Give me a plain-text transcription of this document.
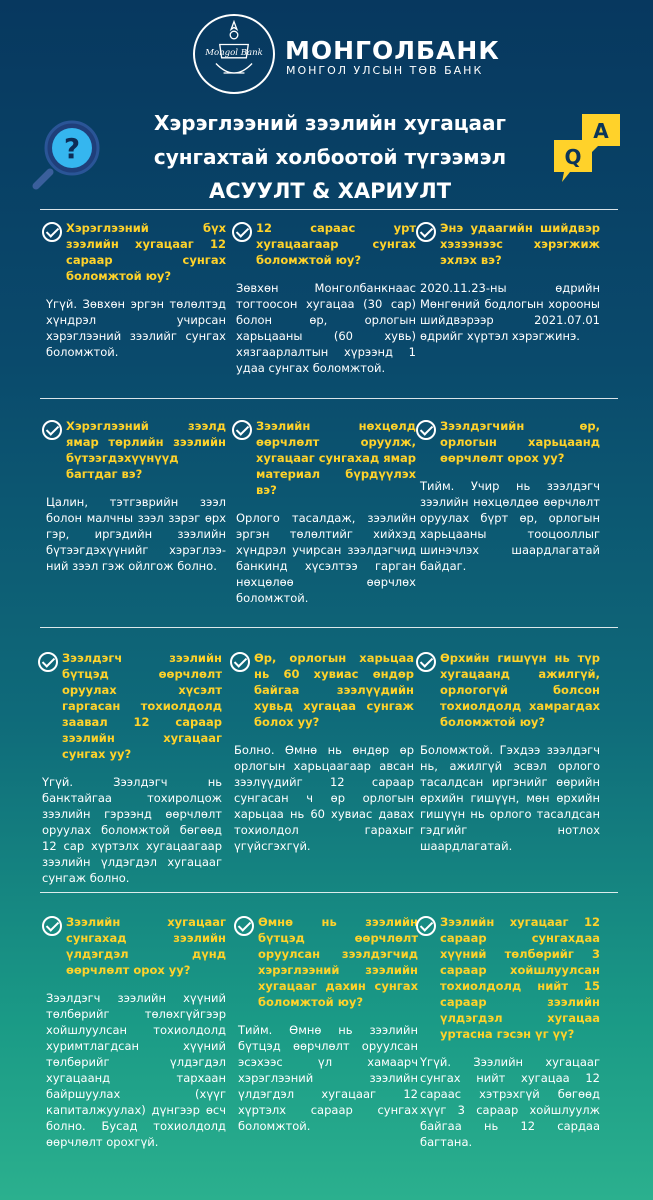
Mongol Bank МОНГОЛБАНК
МОНГОЛ УЛСЫН ТӨВ БАНК
?
Хэрэглээний зээлийн хугацааг
сунгахтай холбоотой түгээмэл
АСУУЛТ & ХАРИУЛТ
A
Q
Хэрэглээний бүх зээлийн хугацааг 12 сараар сунгах боломжтой юу?
Үгүй. Зөвхөн эргэн төлөлтэд хүндрэл учирсан хэрэглээний зээлийг сунгах боломжтой.
12 сараас урт хугацаагаар сунгах боломжтой юу?
Зөвхөн Монголбанкнаас тогтоосон хугацаа (30 сар) болон өр, орлогын харьцааны (60 хувь) хязгаарлалтын хүрээнд 1 удаа сунгах боломжтой.
Энэ удаагийн шийдвэр хэзээнээс хэрэгжиж эхлэх вэ?
2020.11.23-ны өдрийн Мөнгөний бодлогын хорооны шийдвэрээр 2021.07.01 өдрийг хүртэл хэрэгжинэ.
Хэрэглээний зээлд ямар төрлийн зээлийн бүтээгдэхүүнүүд багтдаг вэ?
Цалин, тэтгэврийн зээл болон малчны зээл зэрэг өрх гэр, иргэдийн зээлийн бүтээгдэхүүнийг хэрэглээний зээл гэж ойлгож болно.
Зээлийн нөхцөлд өөрчлөлт оруулж, хугацааг сунгахад ямар материал бүрдүүлэх вэ?
Орлого тасалдаж, зээлийн эргэн төлөлтийг хийхэд хүндрэл учирсан зээлдэгчид банкинд хүсэлтээ гарган нөхцөлөө өөрчлөх боломжтой.
Зээлдэгчийн өр, орлогын харьцаанд өөрчлөлт орох уу?
Тийм. Учир нь зээлдэгч зээлийн нөхцөлдөө өөрчлөлт оруулах бүрт өр, орлогын харьцааны тооцооллыг шинэчлэх шаардлагатай байдаг.
Зээлдэгч зээлийн бүтцэд өөрчлөлт оруулах хүсэлт гаргасан тохиолдолд заавал 12 сараар зээлийн хугацааг сунгах уу?
Үгүй. Зээлдэгч нь банктайгаа тохиролцож зээлийн гэрээнд өөрчлөлт оруулах боломжтой бөгөөд 12 сар хүртэлх хугацаагаар зээлийн үлдэгдэл хугацааг сунгаж болно.
Өр, орлогын харьцаа нь 60 хувиас өндөр байгаа зээлүүдийн хувьд хугацаа сунгаж болох уу?
Болно. Өмнө нь өндөр өр орлогын харьцаагаар авсан зээлүүдийг 12 сараар сунгасан ч өр орлогын харьцаа нь 60 хувиас давах тохиолдол гарахыг үгүйсгэхгүй.
Өрхийн гишүүн нь түр хугацаанд ажилгүй, орлогогүй болсон тохиолдолд хамрагдах боломжтой юу?
Боломжтой. Гэхдээ зээлдэгч нь, ажилгүй эсвэл орлого тасалдсан иргэнийг өөрийн өрхийн гишүүн, мөн өрхийн гишүүн нь орлого тасалдсан гэдгийг нотлох шаардлагатай.
Зээлийн хугацааг сунгахад зээлийн үлдэгдэл дүнд өөрчлөлт орох уу?
Зээлдэгч зээлийн хүүний төлбөрийг төлөхгүйгээр хойшлуулсан тохиолдолд хуримтлагдсан хүүний төлбөрийг үлдэгдэл хугацаанд тархаан байршуулах (хүүг капиталжуулах) дүнгээр өсч болно. Бусад тохиолдолд өөрчлөлт орохгүй.
Өмнө нь зээлийн бүтцэд өөрчлөлт оруулсан зээлдэгчид хэрэглээний зээлийн хугацааг дахин сунгах боломжтой юу?
Тийм. Өмнө нь зээлийн бүтцэд өөрчлөлт оруулсан эсэхээс үл хамаарч хэрэглээний зээлийн үлдэгдэл хугацааг 12 хүртэлх сараар сунгах боломжтой.
Зээлийн хугацааг 12 сараар сунгахдаа хүүний төлбөрийг 3 сараар хойшлуулсан тохиолдолд нийт 15 сараар зээлийн үлдэгдэл хугацаа уртасна гэсэн үг үү?
Үгүй. Зээлийн хугацааг сунгах нийт хугацаа 12 сараас хэтрэхгүй бөгөөд хүүг 3 сараар хойшлуулж байгаа нь 12 сардаа багтана.
